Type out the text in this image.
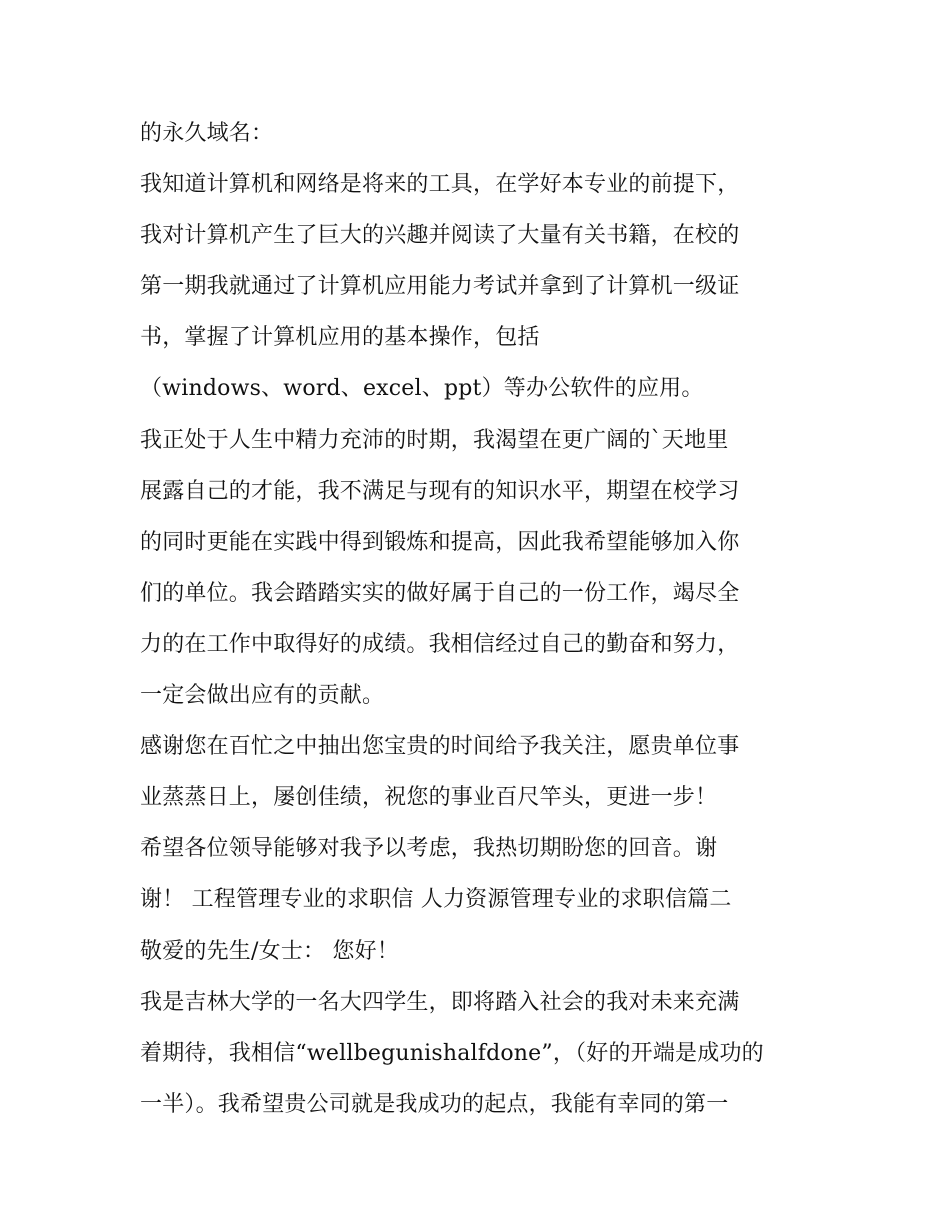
的永久域名：
我知道计算机和网络是将来的工具，在学好本专业的前提下，
我对计算机产生了巨大的兴趣并阅读了大量有关书籍，在校的
第一期我就通过了计算机应用能力考试并拿到了计算机一级证
书，掌握了计算机应用的基本操作，包括
（windows、word、excel、ppt）等办公软件的应用。
我正处于人生中精力充沛的时期，我渴望在更广阔的`天地里
展露自己的才能，我不满足与现有的知识水平，期望在校学习
的同时更能在实践中得到锻炼和提高，因此我希望能够加入你
们的单位。我会踏踏实实的做好属于自己的一份工作，竭尽全
力的在工作中取得好的成绩。我相信经过自己的勤奋和努力，
一定会做出应有的贡献。
感谢您在百忙之中抽出您宝贵的时间给予我关注，愿贵单位事
业蒸蒸日上，屡创佳绩，祝您的事业百尺竿头，更进一步！
希望各位领导能够对我予以考虑，我热切期盼您的回音。谢
谢！ 工程管理专业的求职信 人力资源管理专业的求职信篇二
敬爱的先生/女士： 您好！
我是吉林大学的一名大四学生，即将踏入社会的我对未来充满
着期待，我相信“wellbegunishalfdone”，（好的开端是成功的
一半）。我希望贵公司就是我成功的起点，我能有幸同的第一
